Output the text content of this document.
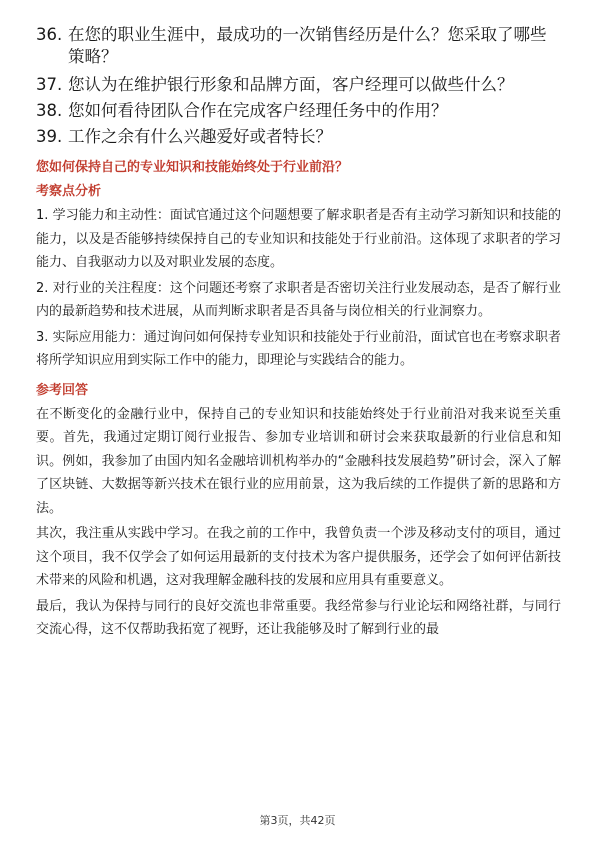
36. 在您的职业生涯中，最成功的一次销售经历是什么？您采取了哪些策略？
37. 您认为在维护银行形象和品牌方面，客户经理可以做些什么？
38. 您如何看待团队合作在完成客户经理任务中的作用？
39. 工作之余有什么兴趣爱好或者特长？
您如何保持自己的专业知识和技能始终处于行业前沿？
考察点分析

1. 学习能力和主动性：面试官通过这个问题想要了解求职者是否有主动学习新知识和技能的能力，以及是否能够持续保持自己的专业知识和技能处于行业前沿。这体现了求职者的学习能力、自我驱动力以及对职业发展的态度。

2. 对行业的关注程度：这个问题还考察了求职者是否密切关注行业发展动态，是否了解行业内的最新趋势和技术进展，从而判断求职者是否具备与岗位相关的行业洞察力。

3. 实际应用能力：通过询问如何保持专业知识和技能处于行业前沿，面试官也在考察求职者将所学知识应用到实际工作中的能力，即理论与实践结合的能力。

参考回答

在不断变化的金融行业中，保持自己的专业知识和技能始终处于行业前沿对我来说至关重要。首先，我通过定期订阅行业报告、参加专业培训和研讨会来获取最新的行业信息和知识。例如，我参加了由国内知名金融培训机构举办的“金融科技发展趋势”研讨会，深入了解了区块链、大数据等新兴技术在银行业的应用前景，这为我后续的工作提供了新的思路和方法。

其次，我注重从实践中学习。在我之前的工作中，我曾负责一个涉及移动支付的项目，通过这个项目，我不仅学会了如何运用最新的支付技术为客户提供服务，还学会了如何评估新技术带来的风险和机遇，这对我理解金融科技的发展和应用具有重要意义。

最后，我认为保持与同行的良好交流也非常重要。我经常参与行业论坛和网络社群，与同行交流心得，这不仅帮助我拓宽了视野，还让我能够及时了解到行业的最

第3页，共42页
